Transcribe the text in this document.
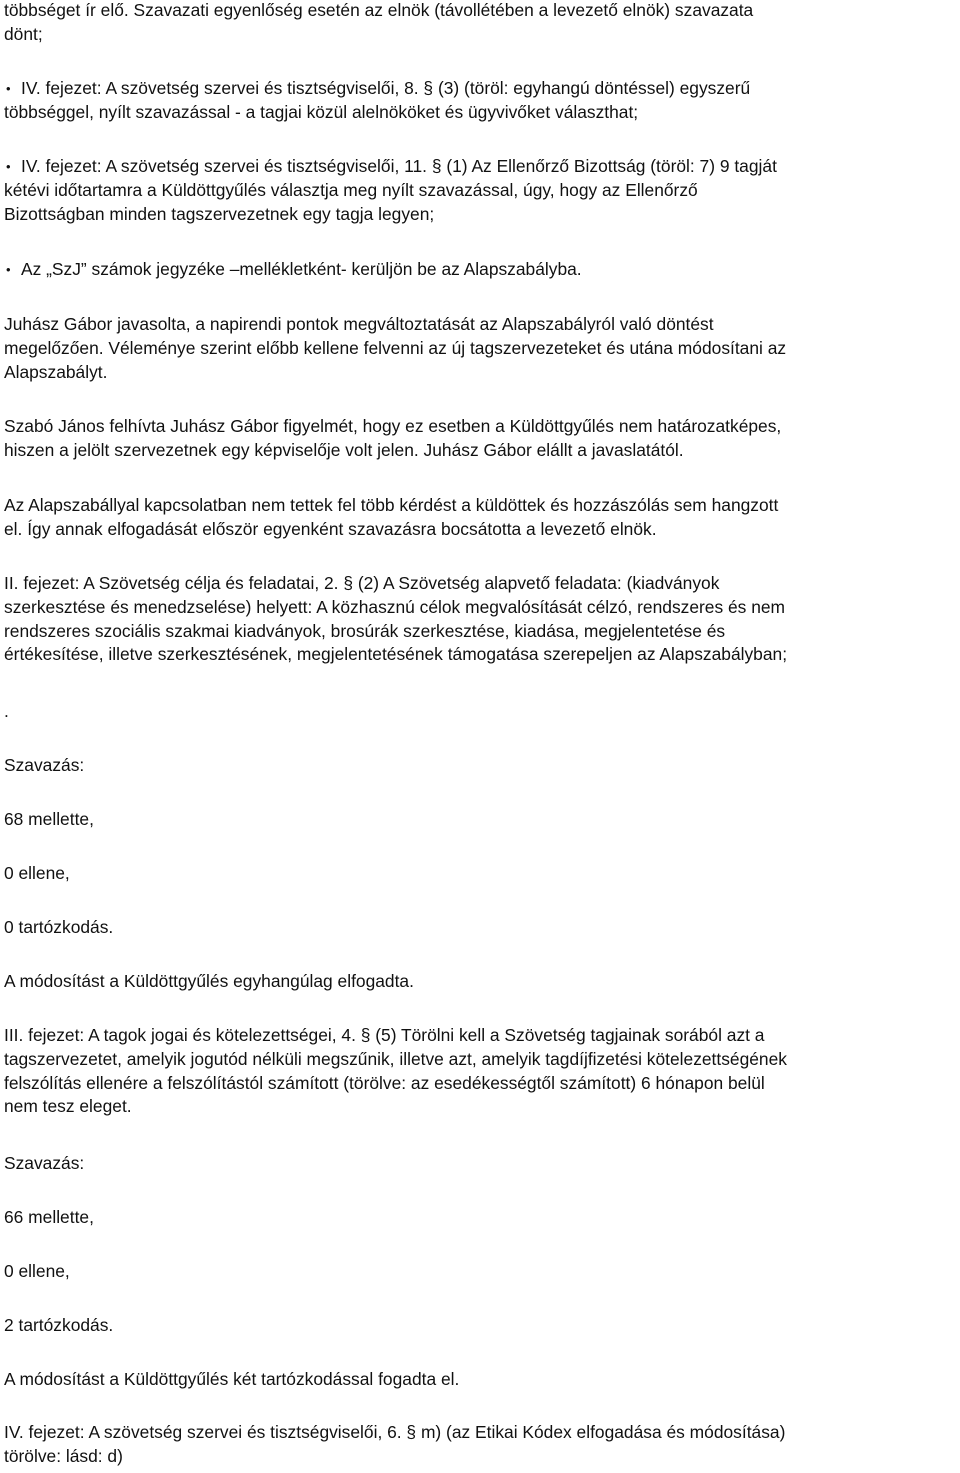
többséget ír elő. Szavazati egyenlőség esetén az elnök (távollétében a levezető elnök) szavazata
dönt;
• IV. fejezet: A szövetség szervei és tisztségviselői, 8. § (3) (töröl: egyhangú döntéssel) egyszerű
többséggel, nyílt szavazással - a tagjai közül alelnököket és ügyvivőket választhat;
• IV. fejezet: A szövetség szervei és tisztségviselői, 11. § (1) Az Ellenőrző Bizottság (töröl: 7) 9 tagját
kétévi időtartamra a Küldöttgyűlés választja meg nyílt szavazással, úgy, hogy az Ellenőrző
Bizottságban minden tagszervezetnek egy tagja legyen;
• Az „SzJ” számok jegyzéke –mellékletként- kerüljön be az Alapszabályba.
Juhász Gábor javasolta, a napirendi pontok megváltoztatását az Alapszabályról való döntést
megelőzően. Véleménye szerint előbb kellene felvenni az új tagszervezeteket és utána módosítani az
Alapszabályt.
Szabó János felhívta Juhász Gábor figyelmét, hogy ez esetben a Küldöttgyűlés nem határozatképes,
hiszen a jelölt szervezetnek egy képviselője volt jelen. Juhász Gábor elállt a javaslatától.
Az Alapszabállyal kapcsolatban nem tettek fel több kérdést a küldöttek és hozzászólás sem hangzott
el. Így annak elfogadását először egyenként szavazásra bocsátotta a levezető elnök.
II. fejezet: A Szövetség célja és feladatai, 2. § (2) A Szövetség alapvető feladata: (kiadványok
szerkesztése és menedzselése) helyett: A közhasznú célok megvalósítását célzó, rendszeres és nem
rendszeres szociális szakmai kiadványok, brosúrák szerkesztése, kiadása, megjelentetése és
értékesítése, illetve szerkesztésének, megjelentetésének támogatása szerepeljen az Alapszabályban;
.
Szavazás:
68 mellette,
0 ellene,
0 tartózkodás.
A módosítást a Küldöttgyűlés egyhangúlag elfogadta.
III. fejezet: A tagok jogai és kötelezettségei, 4. § (5) Törölni kell a Szövetség tagjainak sorából azt a
tagszervezetet, amelyik jogutód nélküli megszűnik, illetve azt, amelyik tagdíjfizetési kötelezettségének
felszólítás ellenére a felszólítástól számított (törölve: az esedékességtől számított) 6 hónapon belül
nem tesz eleget.
Szavazás:
66 mellette,
0 ellene,
2 tartózkodás.
A módosítást a Küldöttgyűlés két tartózkodással fogadta el.
IV. fejezet: A szövetség szervei és tisztségviselői, 6. § m) (az Etikai Kódex elfogadása és módosítása)
törölve: lásd: d)
